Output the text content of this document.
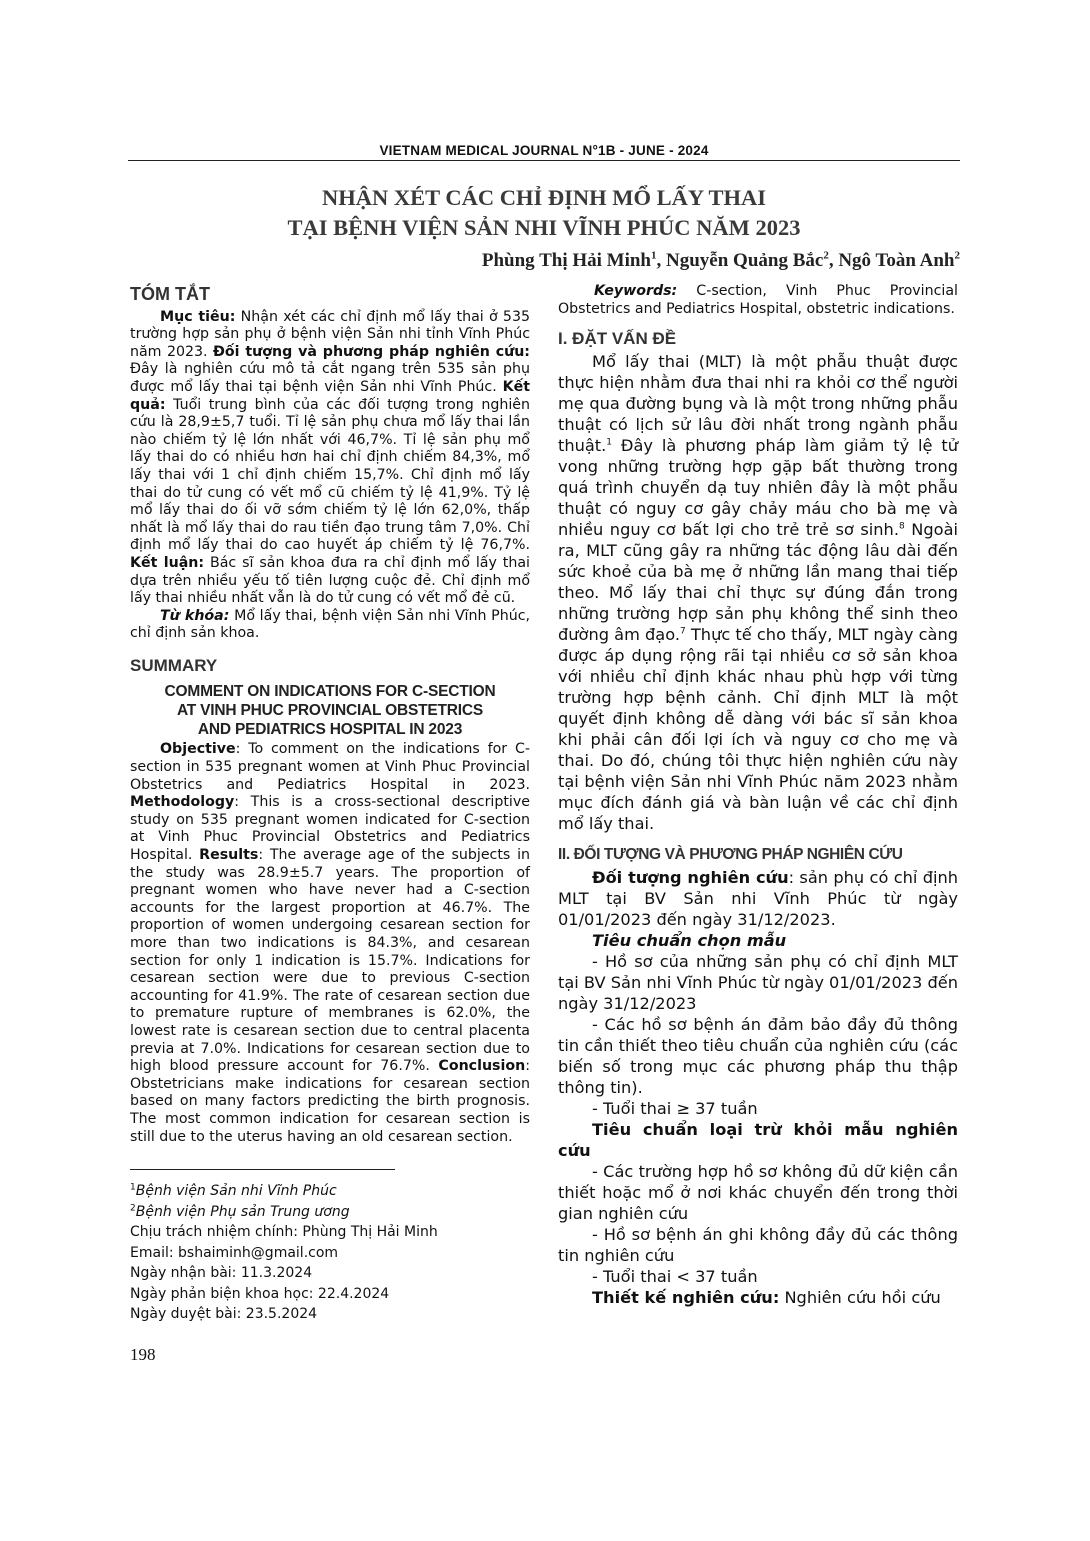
VIETNAM MEDICAL JOURNAL N°1B - JUNE - 2024
NHẬN XÉT CÁC CHỈ ĐỊNH MỔ LẤY THAI
TẠI BỆNH VIỆN SẢN NHI VĨNH PHÚC NĂM 2023
Phùng Thị Hải Minh$^1$, Nguyễn Quảng Bắc$^2$, Ngô Toàn Anh$^2$
TÓM TẮT

Mục tiêu: Nhận xét các chỉ định mổ lấy thai ở 535 trường hợp sản phụ ở bệnh viện Sản nhi tỉnh Vĩnh Phúc năm 2023. Đối tượng và phương pháp nghiên cứu: Đây là nghiên cứu mô tả cắt ngang trên 535 sản phụ được mổ lấy thai tại bệnh viện Sản nhi Vĩnh Phúc. Kết quả: Tuổi trung bình của các đối tượng trong nghiên cứu là 28,9±5,7 tuổi. Tỉ lệ sản phụ chưa mổ lấy thai lần nào chiếm tỷ lệ lớn nhất với 46,7%. Tỉ lệ sản phụ mổ lấy thai do có nhiều hơn hai chỉ định chiếm 84,3%, mổ lấy thai với 1 chỉ định chiếm 15,7%. Chỉ định mổ lấy thai do tử cung có vết mổ cũ chiếm tỷ lệ 41,9%. Tỷ lệ mổ lấy thai do ối vỡ sớm chiếm tỷ lệ lớn 62,0%, thấp nhất là mổ lấy thai do rau tiền đạo trung tâm 7,0%. Chỉ định mổ lấy thai do cao huyết áp chiếm tỷ lệ 76,7%. Kết luận: Bác sĩ sản khoa đưa ra chỉ định mổ lấy thai dựa trên nhiều yếu tố tiên lượng cuộc đẻ. Chỉ định mổ lấy thai nhiều nhất vẫn là do tử cung có vết mổ đẻ cũ.

Từ khóa: Mổ lấy thai, bệnh viện Sản nhi Vĩnh Phúc, chỉ định sản khoa.

SUMMARY
COMMENT ON INDICATIONS FOR C-SECTION
AT VINH PHUC PROVINCIAL OBSTETRICS
AND PEDIATRICS HOSPITAL IN 2023

Objective: To comment on the indications for C-section in 535 pregnant women at Vinh Phuc Provincial Obstetrics and Pediatrics Hospital in 2023. Methodology: This is a cross-sectional descriptive study on 535 pregnant women indicated for C-section at Vinh Phuc Provincial Obstetrics and Pediatrics Hospital. Results: The average age of the subjects in the study was 28.9±5.7 years. The proportion of pregnant women who have never had a C-section accounts for the largest proportion at 46.7%. The proportion of women undergoing cesarean section for more than two indications is 84.3%, and cesarean section for only 1 indication is 15.7%. Indications for cesarean section were due to previous C-section accounting for 41.9%. The rate of cesarean section due to premature rupture of membranes is 62.0%, the lowest rate is cesarean section due to central placenta previa at 7.0%. Indications for cesarean section due to high blood pressure account for 76.7%. Conclusion: Obstetricians make indications for cesarean section based on many factors predicting the birth prognosis. The most common indication for cesarean section is still due to the uterus having an old cesarean section.

$^1$Bệnh viện Sản nhi Vĩnh Phúc
$^2$Bệnh viện Phụ sản Trung ương
Chịu trách nhiệm chính: Phùng Thị Hải Minh
Email: bshaiminh@gmail.com
Ngày nhận bài: 11.3.2024
Ngày phản biện khoa học: 22.4.2024
Ngày duyệt bài: 23.5.2024
198

Keywords: C-section, Vinh Phuc Provincial Obstetrics and Pediatrics Hospital, obstetric indications.

I. ĐẶT VẤN ĐỀ

Mổ lấy thai (MLT) là một phẫu thuật được thực hiện nhằm đưa thai nhi ra khỏi cơ thể người mẹ qua đường bụng và là một trong những phẫu thuật có lịch sử lâu đời nhất trong ngành phẫu thuật.$^1$ Đây là phương pháp làm giảm tỷ lệ tử vong những trường hợp gặp bất thường trong quá trình chuyển dạ tuy nhiên đây là một phẫu thuật có nguy cơ gây chảy máu cho bà mẹ và nhiều nguy cơ bất lợi cho trẻ trẻ sơ sinh.$^8$ Ngoài ra, MLT cũng gây ra những tác động lâu dài đến sức khoẻ của bà mẹ ở những lần mang thai tiếp theo. Mổ lấy thai chỉ thực sự đúng đắn trong những trường hợp sản phụ không thể sinh theo đường âm đạo.$^7$ Thực tế cho thấy, MLT ngày càng được áp dụng rộng rãi tại nhiều cơ sở sản khoa với nhiều chỉ định khác nhau phù hợp với từng trường hợp bệnh cảnh. Chỉ định MLT là một quyết định không dễ dàng với bác sĩ sản khoa khi phải cân đối lợi ích và nguy cơ cho mẹ và thai. Do đó, chúng tôi thực hiện nghiên cứu này tại bệnh viện Sản nhi Vĩnh Phúc năm 2023 nhằm mục đích đánh giá và bàn luận về các chỉ định mổ lấy thai.

II. ĐỐI TƯỢNG VÀ PHƯƠNG PHÁP NGHIÊN CỨU

Đối tượng nghiên cứu: sản phụ có chỉ định MLT tại BV Sản nhi Vĩnh Phúc từ ngày 01/01/2023 đến ngày 31/12/2023.

Tiêu chuẩn chọn mẫu

- Hồ sơ của những sản phụ có chỉ định MLT tại BV Sản nhi Vĩnh Phúc từ ngày 01/01/2023 đến ngày 31/12/2023

- Các hồ sơ bệnh án đảm bảo đầy đủ thông tin cần thiết theo tiêu chuẩn của nghiên cứu (các biến số trong mục các phương pháp thu thập thông tin).

- Tuổi thai ≥ 37 tuần

Tiêu chuẩn loại trừ khỏi mẫu nghiên cứu

- Các trường hợp hồ sơ không đủ dữ kiện cần thiết hoặc mổ ở nơi khác chuyển đến trong thời gian nghiên cứu

- Hồ sơ bệnh án ghi không đầy đủ các thông tin nghiên cứu

- Tuổi thai < 37 tuần

Thiết kế nghiên cứu: Nghiên cứu hồi cứu
